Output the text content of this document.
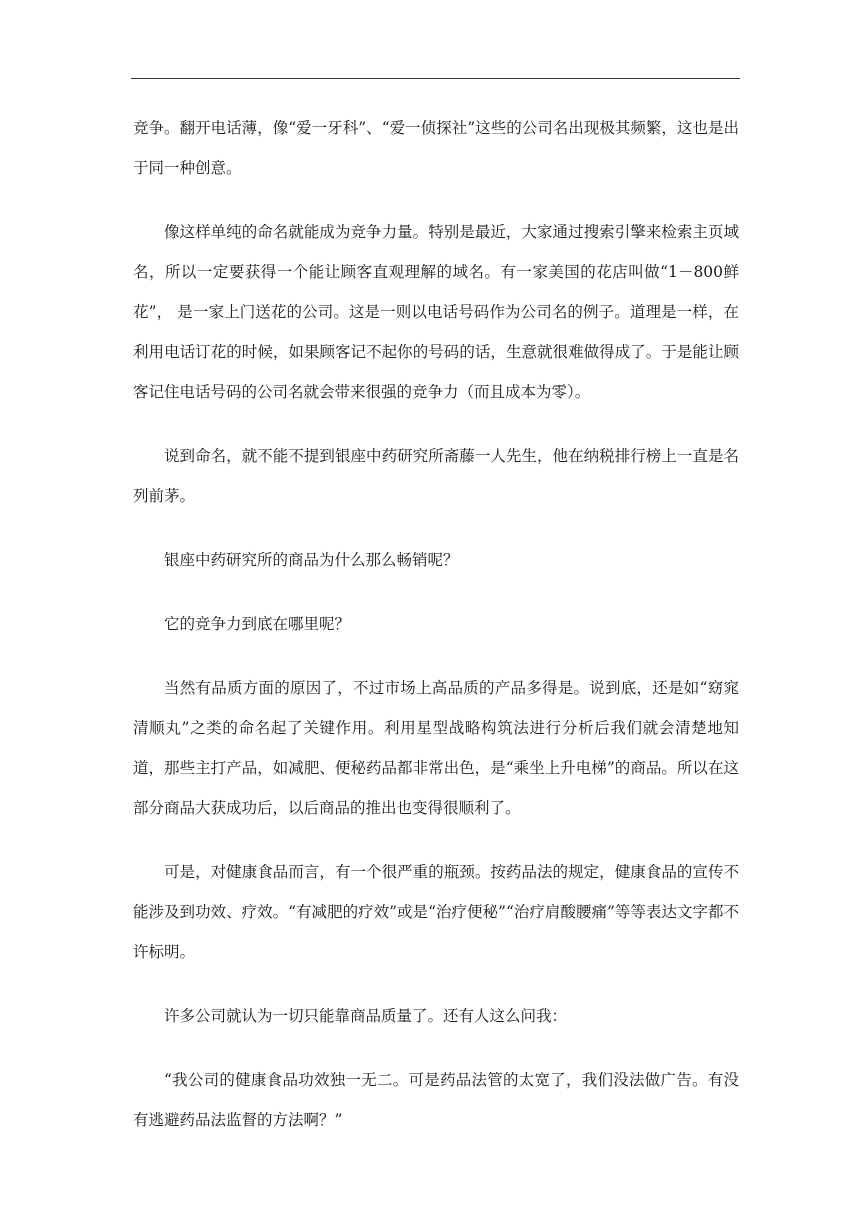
竞争。翻开电话薄，像“爱一牙科”、“爱一侦探社”这些的公司名出现极其频繁，这也是出于同一种创意。

像这样单纯的命名就能成为竞争力量。特别是最近，大家通过搜索引擎来检索主页域名，所以一定要获得一个能让顾客直观理解的域名。有一家美国的花店叫做“1－800鲜花”， 是一家上门送花的公司。这是一则以电话号码作为公司名的例子。道理是一样，在利用电话订花的时候，如果顾客记不起你的号码的话，生意就很难做得成了。于是能让顾客记住电话号码的公司名就会带来很强的竞争力（而且成本为零）。

说到命名，就不能不提到银座中药研究所斋藤一人先生，他在纳税排行榜上一直是名列前茅。

银座中药研究所的商品为什么那么畅销呢？

它的竞争力到底在哪里呢？

当然有品质方面的原因了，不过市场上高品质的产品多得是。说到底，还是如“窈窕清顺丸”之类的命名起了关键作用。利用星型战略构筑法进行分析后我们就会清楚地知道，那些主打产品，如减肥、便秘药品都非常出色，是“乘坐上升电梯”的商品。所以在这部分商品大获成功后，以后商品的推出也变得很顺利了。

可是，对健康食品而言，有一个很严重的瓶颈。按药品法的规定，健康食品的宣传不能涉及到功效、疗效。“有减肥的疗效”或是“治疗便秘”“治疗肩酸腰痛”等等表达文字都不许标明。

许多公司就认为一切只能靠商品质量了。还有人这么问我：

“我公司的健康食品功效独一无二。可是药品法管的太宽了，我们没法做广告。有没有逃避药品法监督的方法啊？”
